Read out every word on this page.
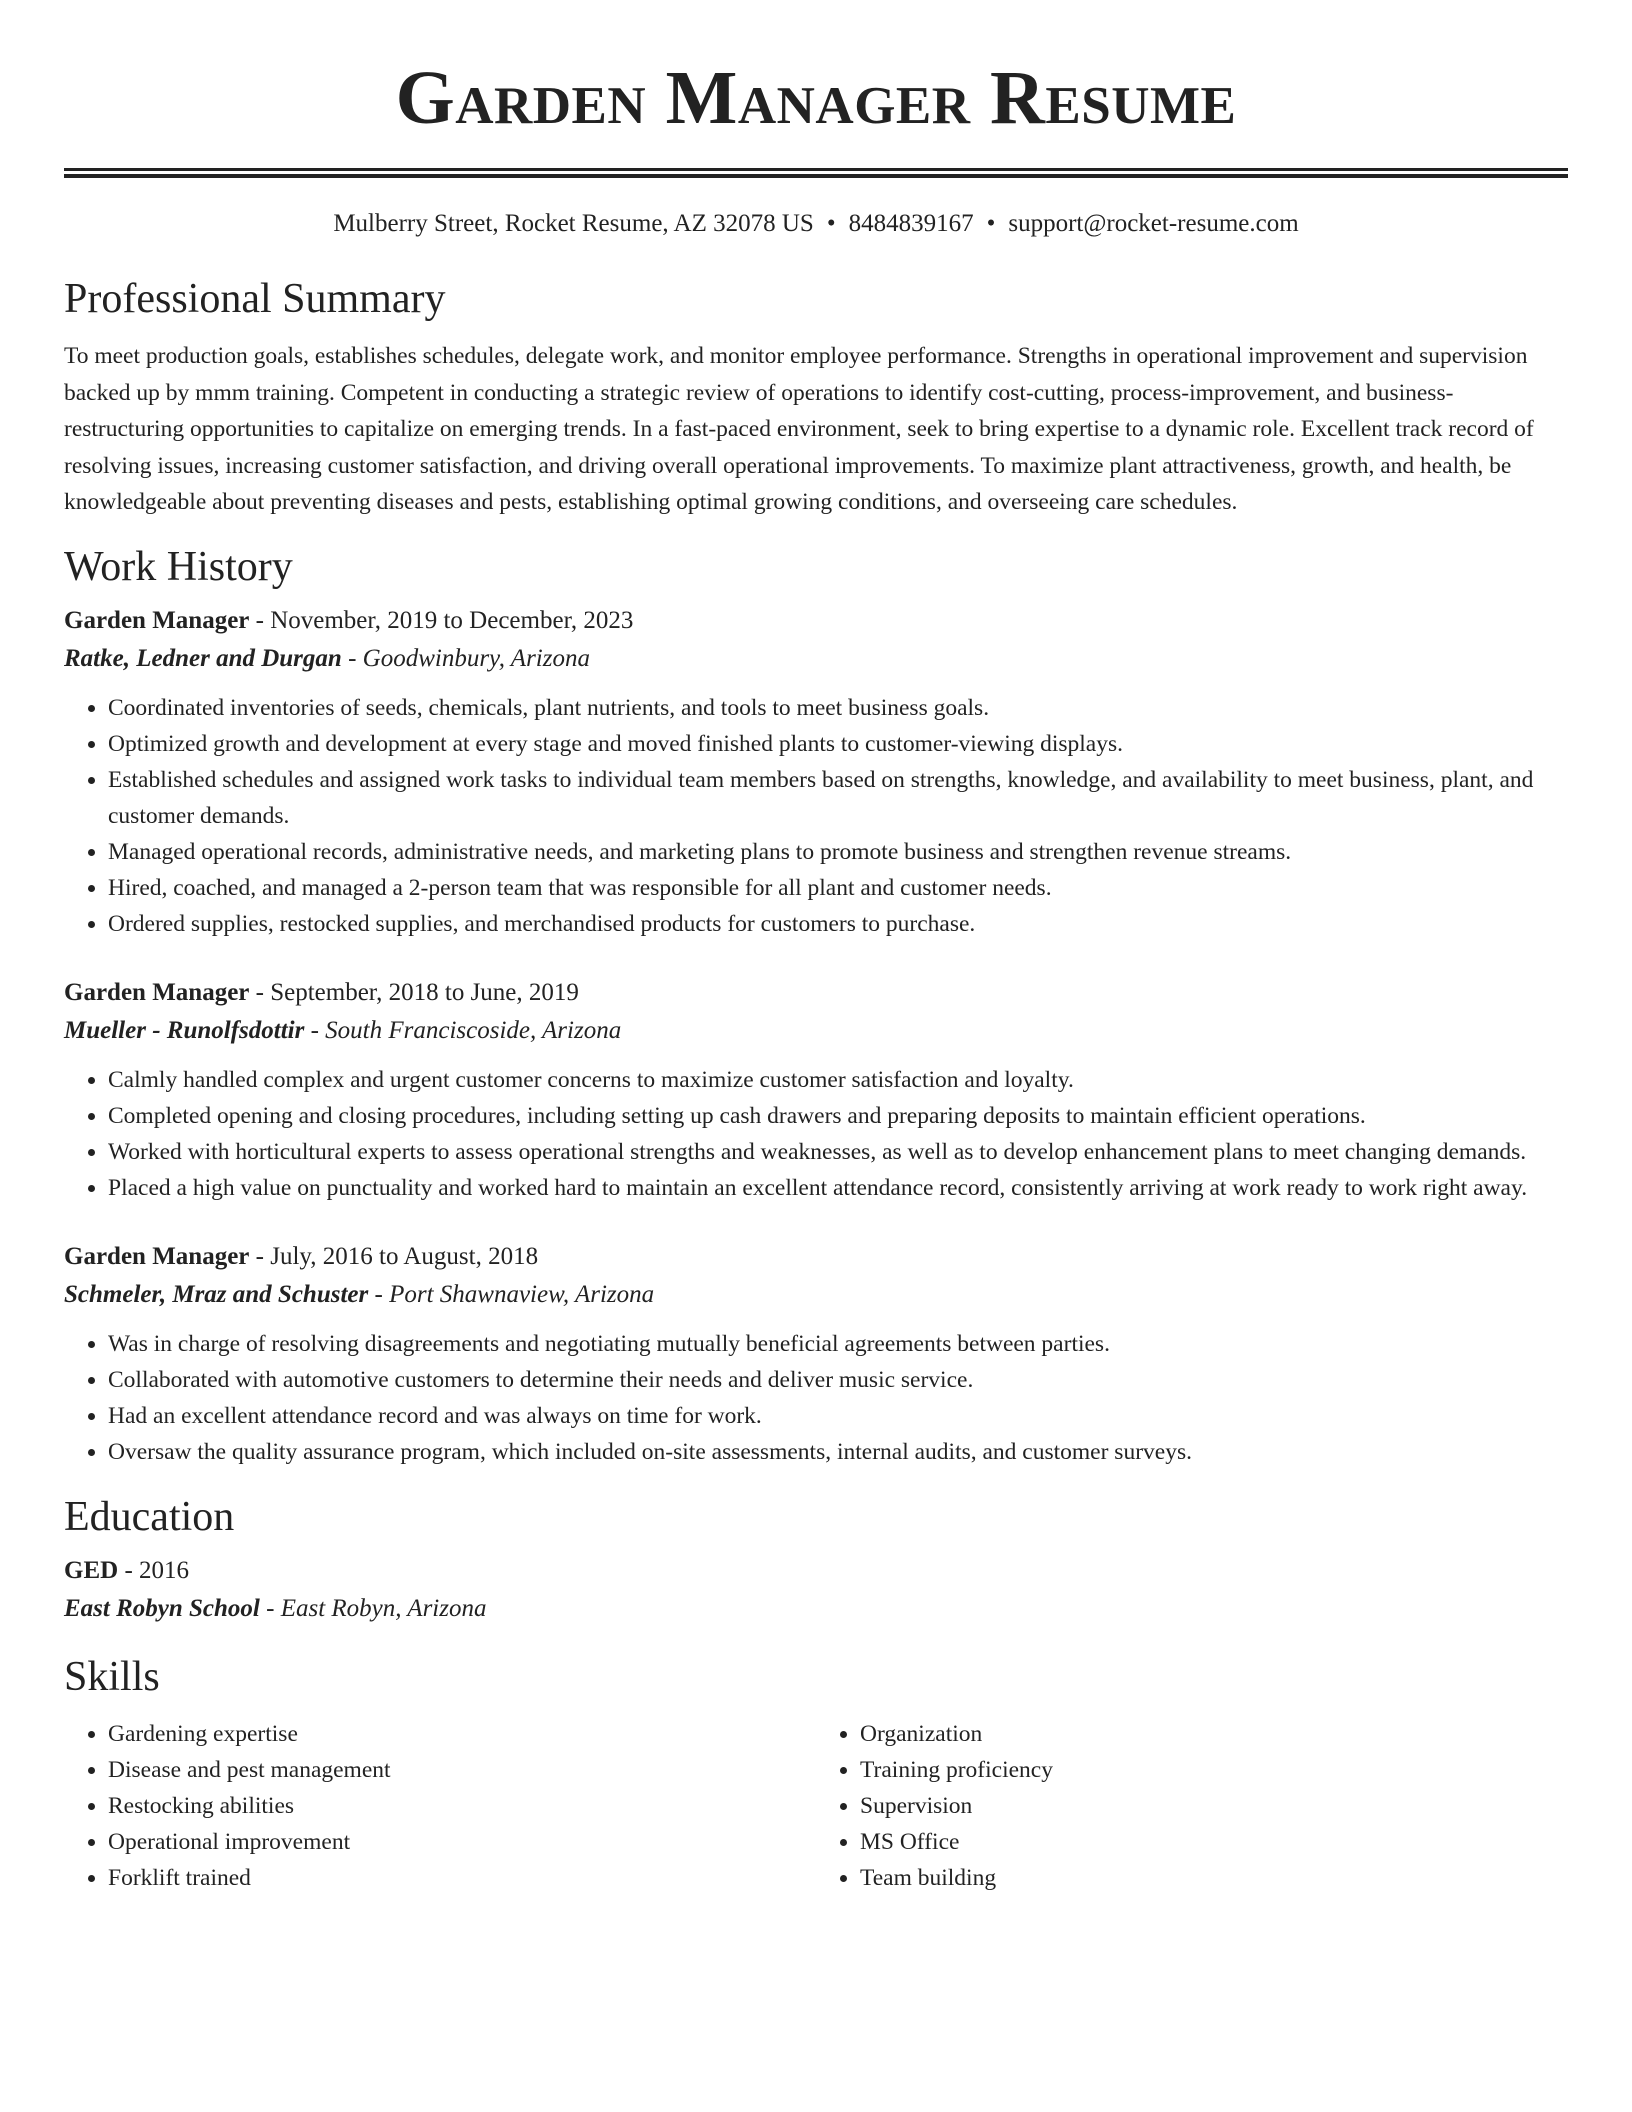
Garden Manager Resume
Mulberry Street, Rocket Resume, AZ 32078 US • 8484839167 • support@rocket-resume.com
Professional Summary

To meet production goals, establishes schedules, delegate work, and monitor employee performance. Strengths in operational improvement and supervision backed up by mmm training. Competent in conducting a strategic review of operations to identify cost-cutting, process-improvement, and business-restructuring opportunities to capitalize on emerging trends. In a fast-paced environment, seek to bring expertise to a dynamic role. Excellent track record of resolving issues, increasing customer satisfaction, and driving overall operational improvements. To maximize plant attractiveness, growth, and health, be knowledgeable about preventing diseases and pests, establishing optimal growing conditions, and overseeing care schedules.

Work History
Garden Manager - November, 2019 to December, 2023
Ratke, Ledner and Durgan - Goodwinbury, Arizona
• Coordinated inventories of seeds, chemicals, plant nutrients, and tools to meet business goals.
• Optimized growth and development at every stage and moved finished plants to customer-viewing displays.
• Established schedules and assigned work tasks to individual team members based on strengths, knowledge, and availability to meet business, plant, and customer demands.
• Managed operational records, administrative needs, and marketing plans to promote business and strengthen revenue streams.
• Hired, coached, and managed a 2-person team that was responsible for all plant and customer needs.
• Ordered supplies, restocked supplies, and merchandised products for customers to purchase.
Garden Manager - September, 2018 to June, 2019
Mueller - Runolfsdottir - South Franciscoside, Arizona
• Calmly handled complex and urgent customer concerns to maximize customer satisfaction and loyalty.
• Completed opening and closing procedures, including setting up cash drawers and preparing deposits to maintain efficient operations.
• Worked with horticultural experts to assess operational strengths and weaknesses, as well as to develop enhancement plans to meet changing demands.
• Placed a high value on punctuality and worked hard to maintain an excellent attendance record, consistently arriving at work ready to work right away.
Garden Manager - July, 2016 to August, 2018
Schmeler, Mraz and Schuster - Port Shawnaview, Arizona
• Was in charge of resolving disagreements and negotiating mutually beneficial agreements between parties.
• Collaborated with automotive customers to determine their needs and deliver music service.
• Had an excellent attendance record and was always on time for work.
• Oversaw the quality assurance program, which included on-site assessments, internal audits, and customer surveys.
Education
GED - 2016
East Robyn School - East Robyn, Arizona
Skills
• Gardening expertise
• Disease and pest management
• Restocking abilities
• Operational improvement
• Forklift trained
• Organization
• Training proficiency
• Supervision
• MS Office
• Team building
